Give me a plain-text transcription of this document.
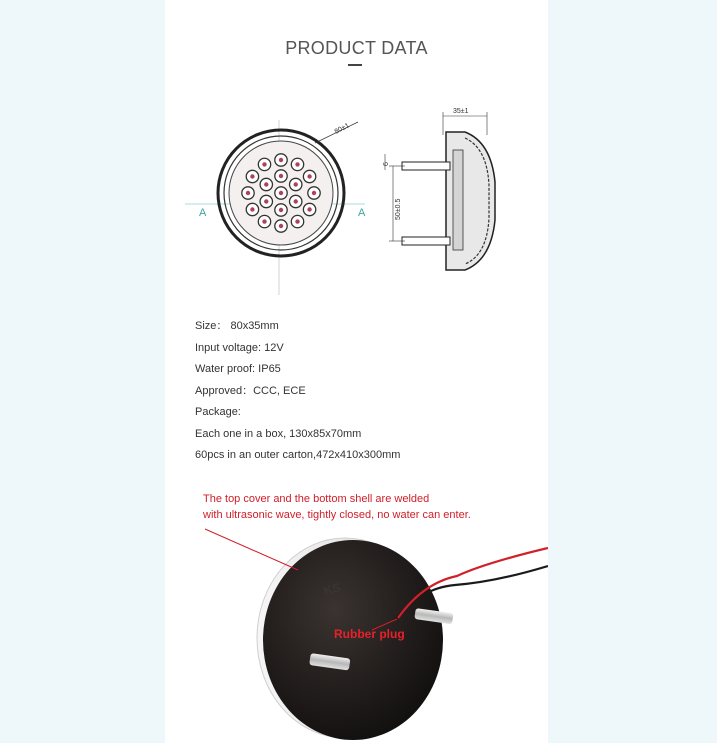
PRODUCT DATA
A	A
80±1
35±1
50±0.5
6
Size： 80x35mm
Input voltage: 12V
Water proof: IP65
Approved：CCC, ECE
Package:
Each one in a box, 130x85x70mm
60pcs in an outer carton,472x410x300mm
KS
The top cover and the bottom shell are welded
with ultrasonic wave, tightly closed, no water can enter.
Rubber plug
